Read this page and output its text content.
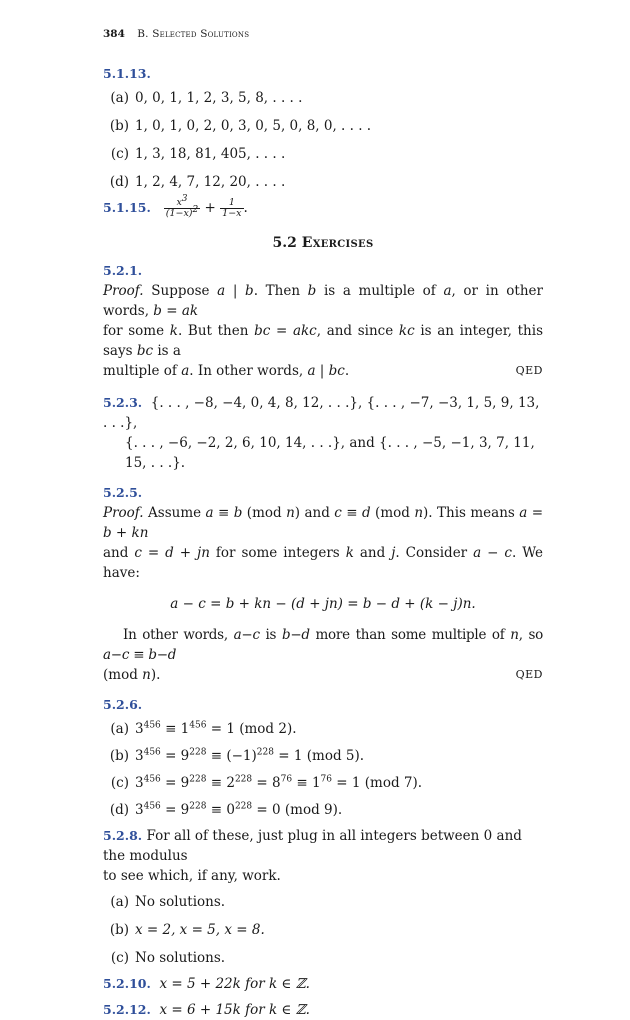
384 B. Selected Solutions
5.1.13.
(a) 0, 0, 1, 1, 2, 3, 5, 8, . . . .
(b) 1, 0, 1, 0, 2, 0, 3, 0, 5, 0, 8, 0, . . . .
(c) 1, 3, 18, 81, 405, . . . .
(d) 1, 2, 4, 7, 12, 20, . . . .
5.1.15. $\frac{x^3}{(1-x)^2} + \frac{1}{1-x}$ .
5.2 Exercises
5.2.1.
Proof. Suppose a | b. Then b is a multiple of a, or in other words, b = ak
for some k. But then bc = akc, and since kc is an integer, this says bc is a
multiple of a. In other words, a | bc.	QED
5.2.3. {. . . , −8, −4, 0, 4, 8, 12, . . .}, {. . . , −7, −3, 1, 5, 9, 13, . . .},
{. . . , −6, −2, 2, 6, 10, 14, . . .}, and {. . . , −5, −1, 3, 7, 11, 15, . . .}.
5.2.5.
Proof. Assume a ≡ b (mod n) and c ≡ d (mod n). This means a = b + kn
and c = d + jn for some integers k and j. Consider a − c. We have:
a − c = b + kn − (d + jn) = b − d + (k − j)n.
In other words, a−c is b−d more than some multiple of n, so a−c ≡ b−d
(mod n).	QED
5.2.6.
(a) $3^{456} \equiv 1^{456} = 1$ (mod 2).
(b) $3^{456} = 9^{228} \equiv (-1)^{228} = 1$ (mod 5).
(c) $3^{456} = 9^{228} \equiv 2^{228} = 8^{76} \equiv 1^{76} = 1$ (mod 7).
(d) $3^{456} = 9^{228} \equiv 0^{228} = 0$ (mod 9).
5.2.8. For all of these, just plug in all integers between 0 and the modulus
to see which, if any, work.
(a) No solutions.
(b) x = 2, x = 5, x = 8.
(c) No solutions.
5.2.10. x = 5 + 22k for k ∈ ℤ.
5.2.12. x = 6 + 15k for k ∈ ℤ.
